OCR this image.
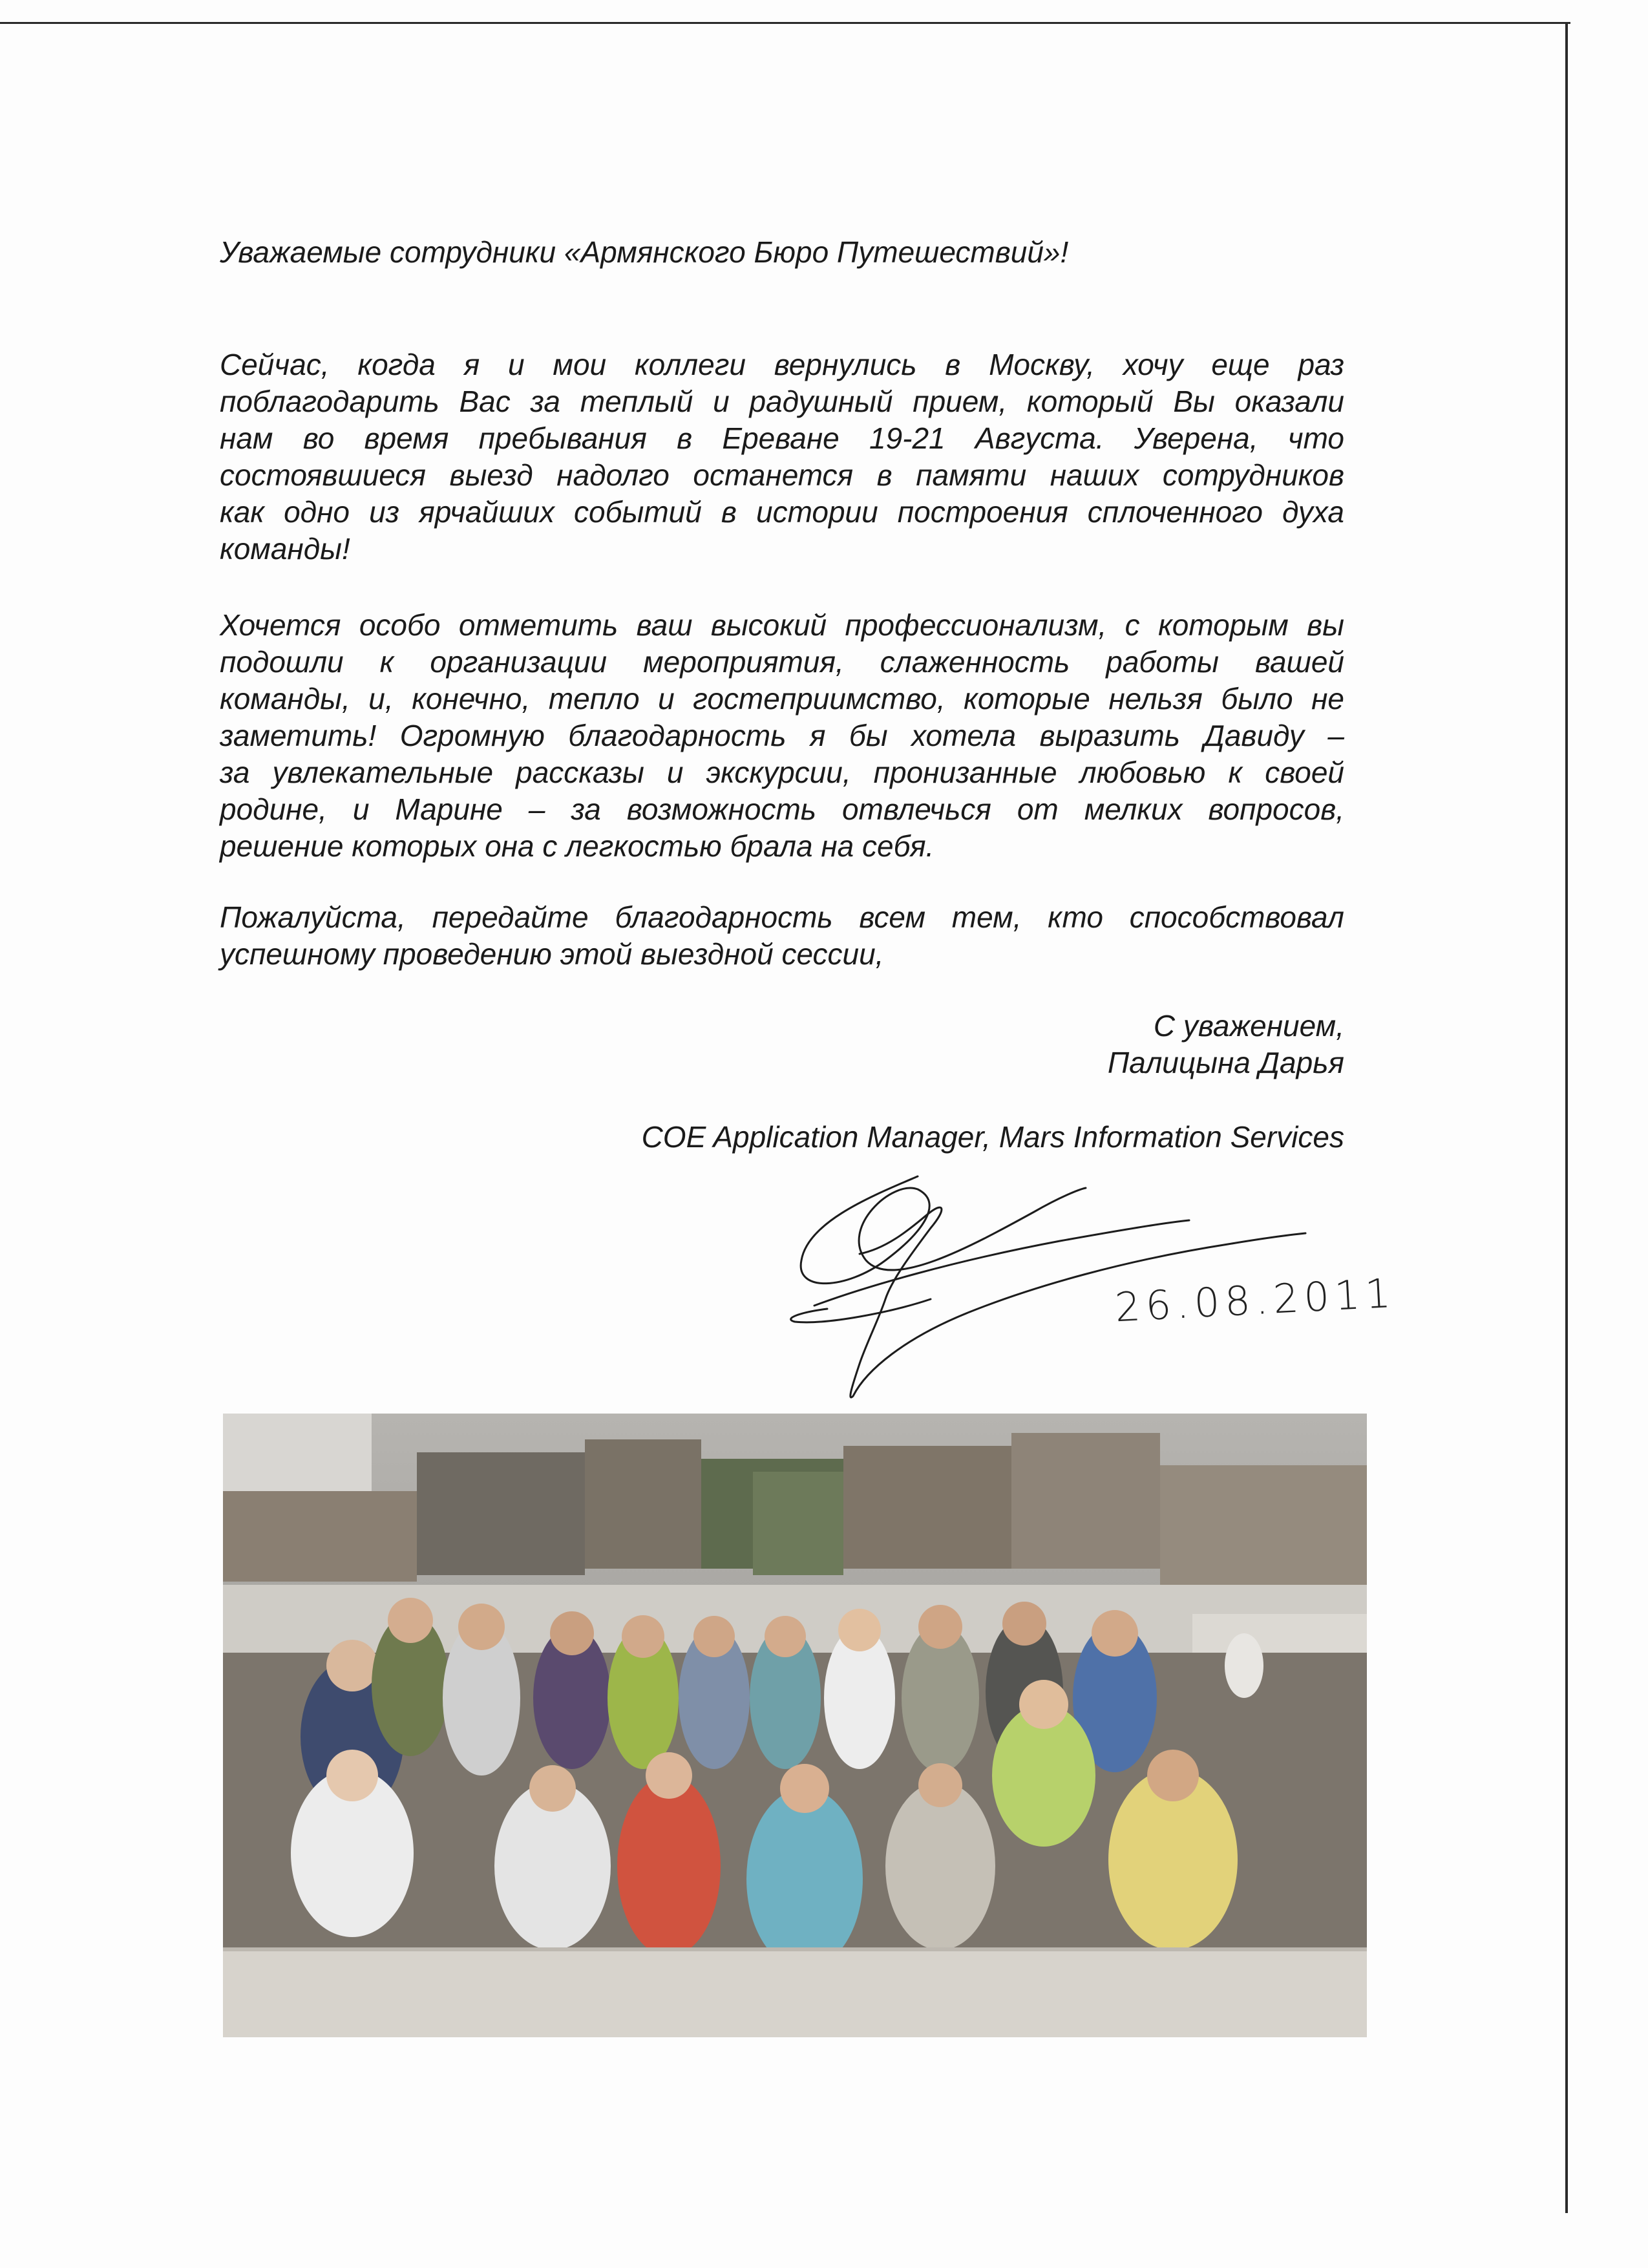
Уважаемые сотрудники «Армянского Бюро Путешествий»!
Сейчас, когда я и мои коллеги вернулись в Москву, хочу еще раз
поблагодарить Вас за теплый и радушный прием, который Вы оказали
нам во время пребывания в Ереване 19-21 Августа. Уверена, что
состоявшиеся выезд надолго останется в памяти наших сотрудников
как одно из ярчайших событий в истории построения сплоченного духа
команды!
Хочется особо отметить ваш высокий профессионализм, с которым вы
подошли к организации мероприятия, слаженность работы вашей
команды, и, конечно, тепло и гостеприимство, которые нельзя было не
заметить! Огромную благодарность я бы хотела выразить Давиду –
за увлекательные рассказы и экскурсии, пронизанные любовью к своей
родине, и Марине – за возможность отвлечься от мелких вопросов,
решение которых она с легкостью брала на себя.
Пожалуйста, передайте благодарность всем тем, кто способствовал
успешному проведению этой выездной сессии,
С уважением,
Палицына Дарья
COE Application Manager, Mars Information Services
26.08.2011
